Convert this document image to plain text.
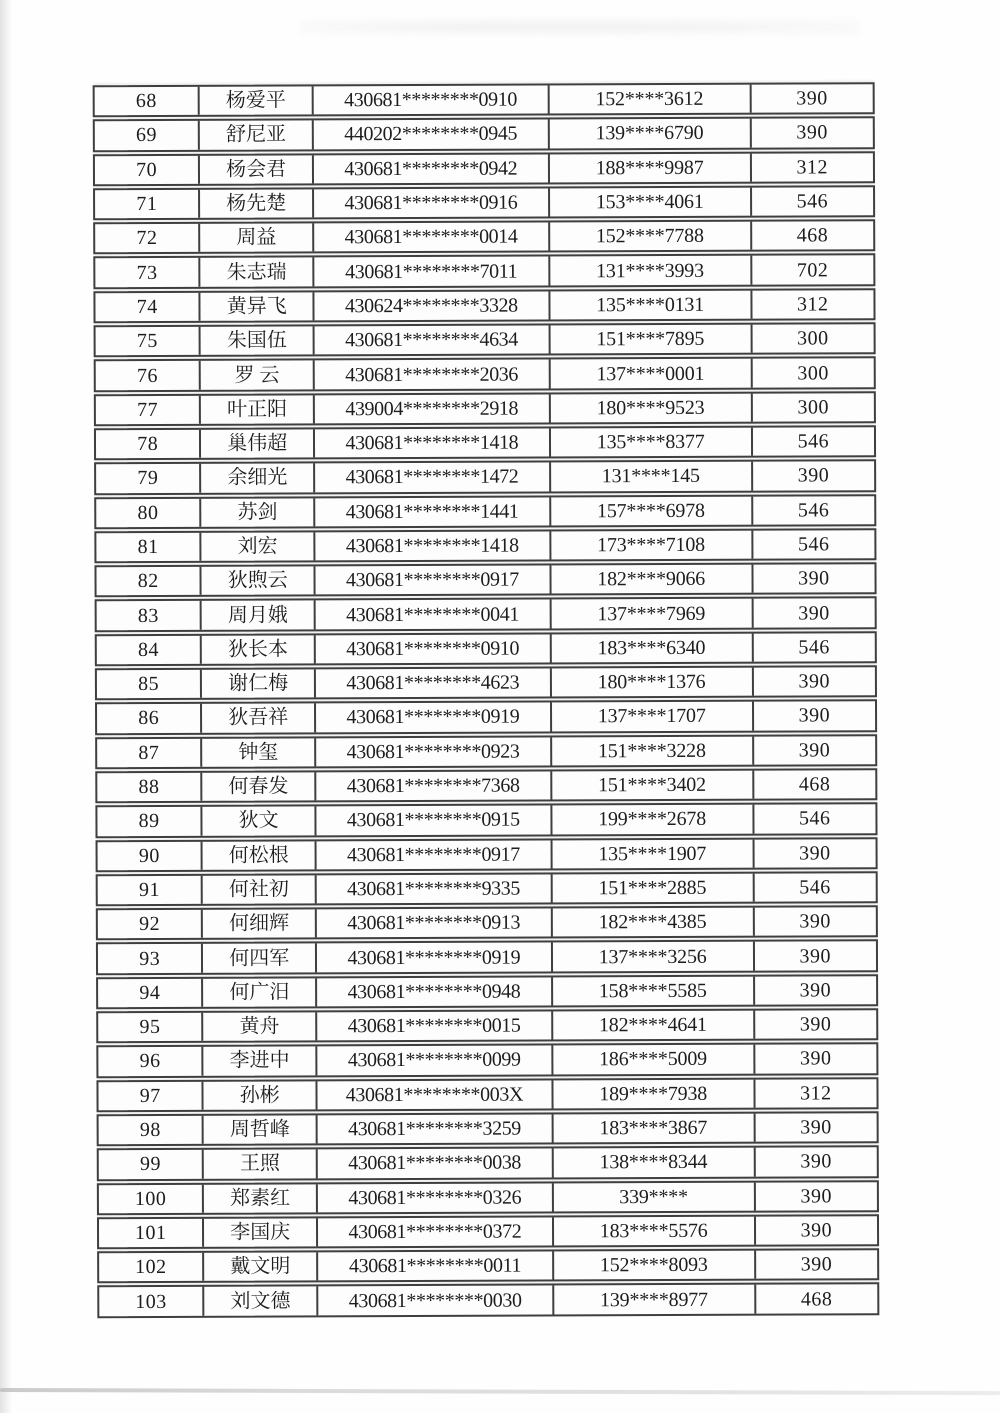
68	杨爱平	430681********0910	152****3612	390
69	舒尼亚	440202********0945	139****6790	390
70	杨会君	430681********0942	188****9987	312
71	杨先楚	430681********0916	153****4061	546
72	周益	430681********0014	152****7788	468
73	朱志瑞	430681********7011	131****3993	702
74	黄异飞	430624********3328	135****0131	312
75	朱国伍	430681********4634	151****7895	300
76	罗 云	430681********2036	137****0001	300
77	叶正阳	439004********2918	180****9523	300
78	巢伟超	430681********1418	135****8377	546
79	余细光	430681********1472	131****145	390
80	苏剑	430681********1441	157****6978	546
81	刘宏	430681********1418	173****7108	546
82	狄煦云	430681********0917	182****9066	390
83	周月娥	430681********0041	137****7969	390
84	狄长本	430681********0910	183****6340	546
85	谢仁梅	430681********4623	180****1376	390
86	狄吾祥	430681********0919	137****1707	390
87	钟玺	430681********0923	151****3228	390
88	何春发	430681********7368	151****3402	468
89	狄文	430681********0915	199****2678	546
90	何松根	430681********0917	135****1907	390
91	何社初	430681********9335	151****2885	546
92	何细辉	430681********0913	182****4385	390
93	何四军	430681********0919	137****3256	390
94	何广汨	430681********0948	158****5585	390
95	黄舟	430681********0015	182****4641	390
96	李进中	430681********0099	186****5009	390
97	孙彬	430681********003X	189****7938	312
98	周哲峰	430681********3259	183****3867	390
99	王照	430681********0038	138****8344	390
100	郑素红	430681********0326	339****	390
101	李国庆	430681********0372	183****5576	390
102	戴文明	430681********0011	152****8093	390
103	刘文德	430681********0030	139****8977	468
